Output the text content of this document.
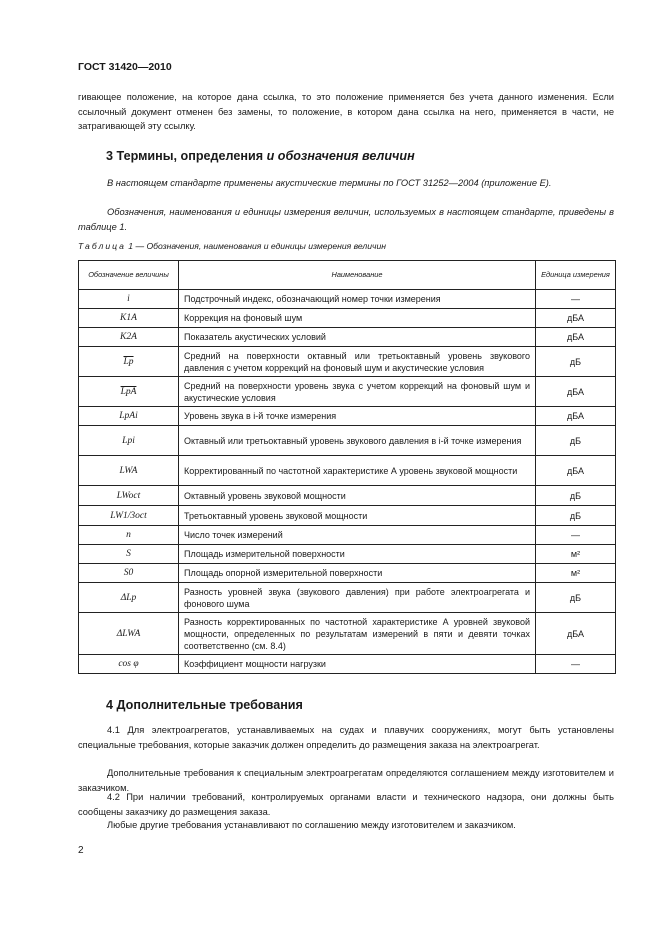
ГОСТ 31420—2010
гивающее положение, на которое дана ссылка, то это положение применяется без учета данного изменения. Если ссылочный документ отменен без замены, то положение, в котором дана ссылка на него, применяется в части, не затрагивающей эту ссылку.
3 Термины, определения и обозначения величин
В настоящем стандарте применены акустические термины по ГОСТ 31252—2004 (приложение Е).
Обозначения, наименования и единицы измерения величин, используемых в настоящем стандарте, приведены в таблице 1.
Таблица 1 — Обозначения, наименования и единицы измерения величин
Обозначение величины	Наименование	Единица измерения
i	Подстрочный индекс, обозначающий номер точки измерения	—
K1A	Коррекция на фоновый шум	дБА
K2A	Показатель акустических условий	дБА
$\overline{Lp}$	Средний на поверхности октавный или третьоктавный уровень звукового давления с учетом коррекций на фоновый шум и акустические условия	дБ
$\overline{LpA}$	Средний на поверхности уровень звука с учетом коррекций на фоновый шум и акустические условия	дБА
LpAi	Уровень звука в i-й точке измерения	дБА
Lpi	Октавный или третьоктавный уровень звукового давления в i-й точке измерения	дБ
LWA	Корректированный по частотной характеристике А уровень звуковой мощности	дБА
LWoct	Октавный уровень звуковой мощности	дБ
LW1/3oct	Третьоктавный уровень звуковой мощности	дБ
n	Число точек измерений	—
S	Площадь измерительной поверхности	м²
S0	Площадь опорной измерительной поверхности	м²
ΔLp	Разность уровней звука (звукового давления) при работе электроагрегата и фонового шума	дБ
ΔLWA	Разность корректированных по частотной характеристике А уровней звуковой мощности, определенных по результатам измерений в пяти и девяти точках соответственно (см. 8.4)	дБА
cos φ	Коэффициент мощности нагрузки	—
4 Дополнительные требования
4.1 Для электроагрегатов, устанавливаемых на судах и плавучих сооружениях, могут быть установлены специальные требования, которые заказчик должен определить до размещения заказа на электроагрегат.
Дополнительные требования к специальным электроагрегатам определяются соглашением между изготовителем и заказчиком.
4.2 При наличии требований, контролируемых органами власти и технического надзора, они должны быть сообщены заказчику до размещения заказа.
Любые другие требования устанавливают по соглашению между изготовителем и заказчиком.
2
